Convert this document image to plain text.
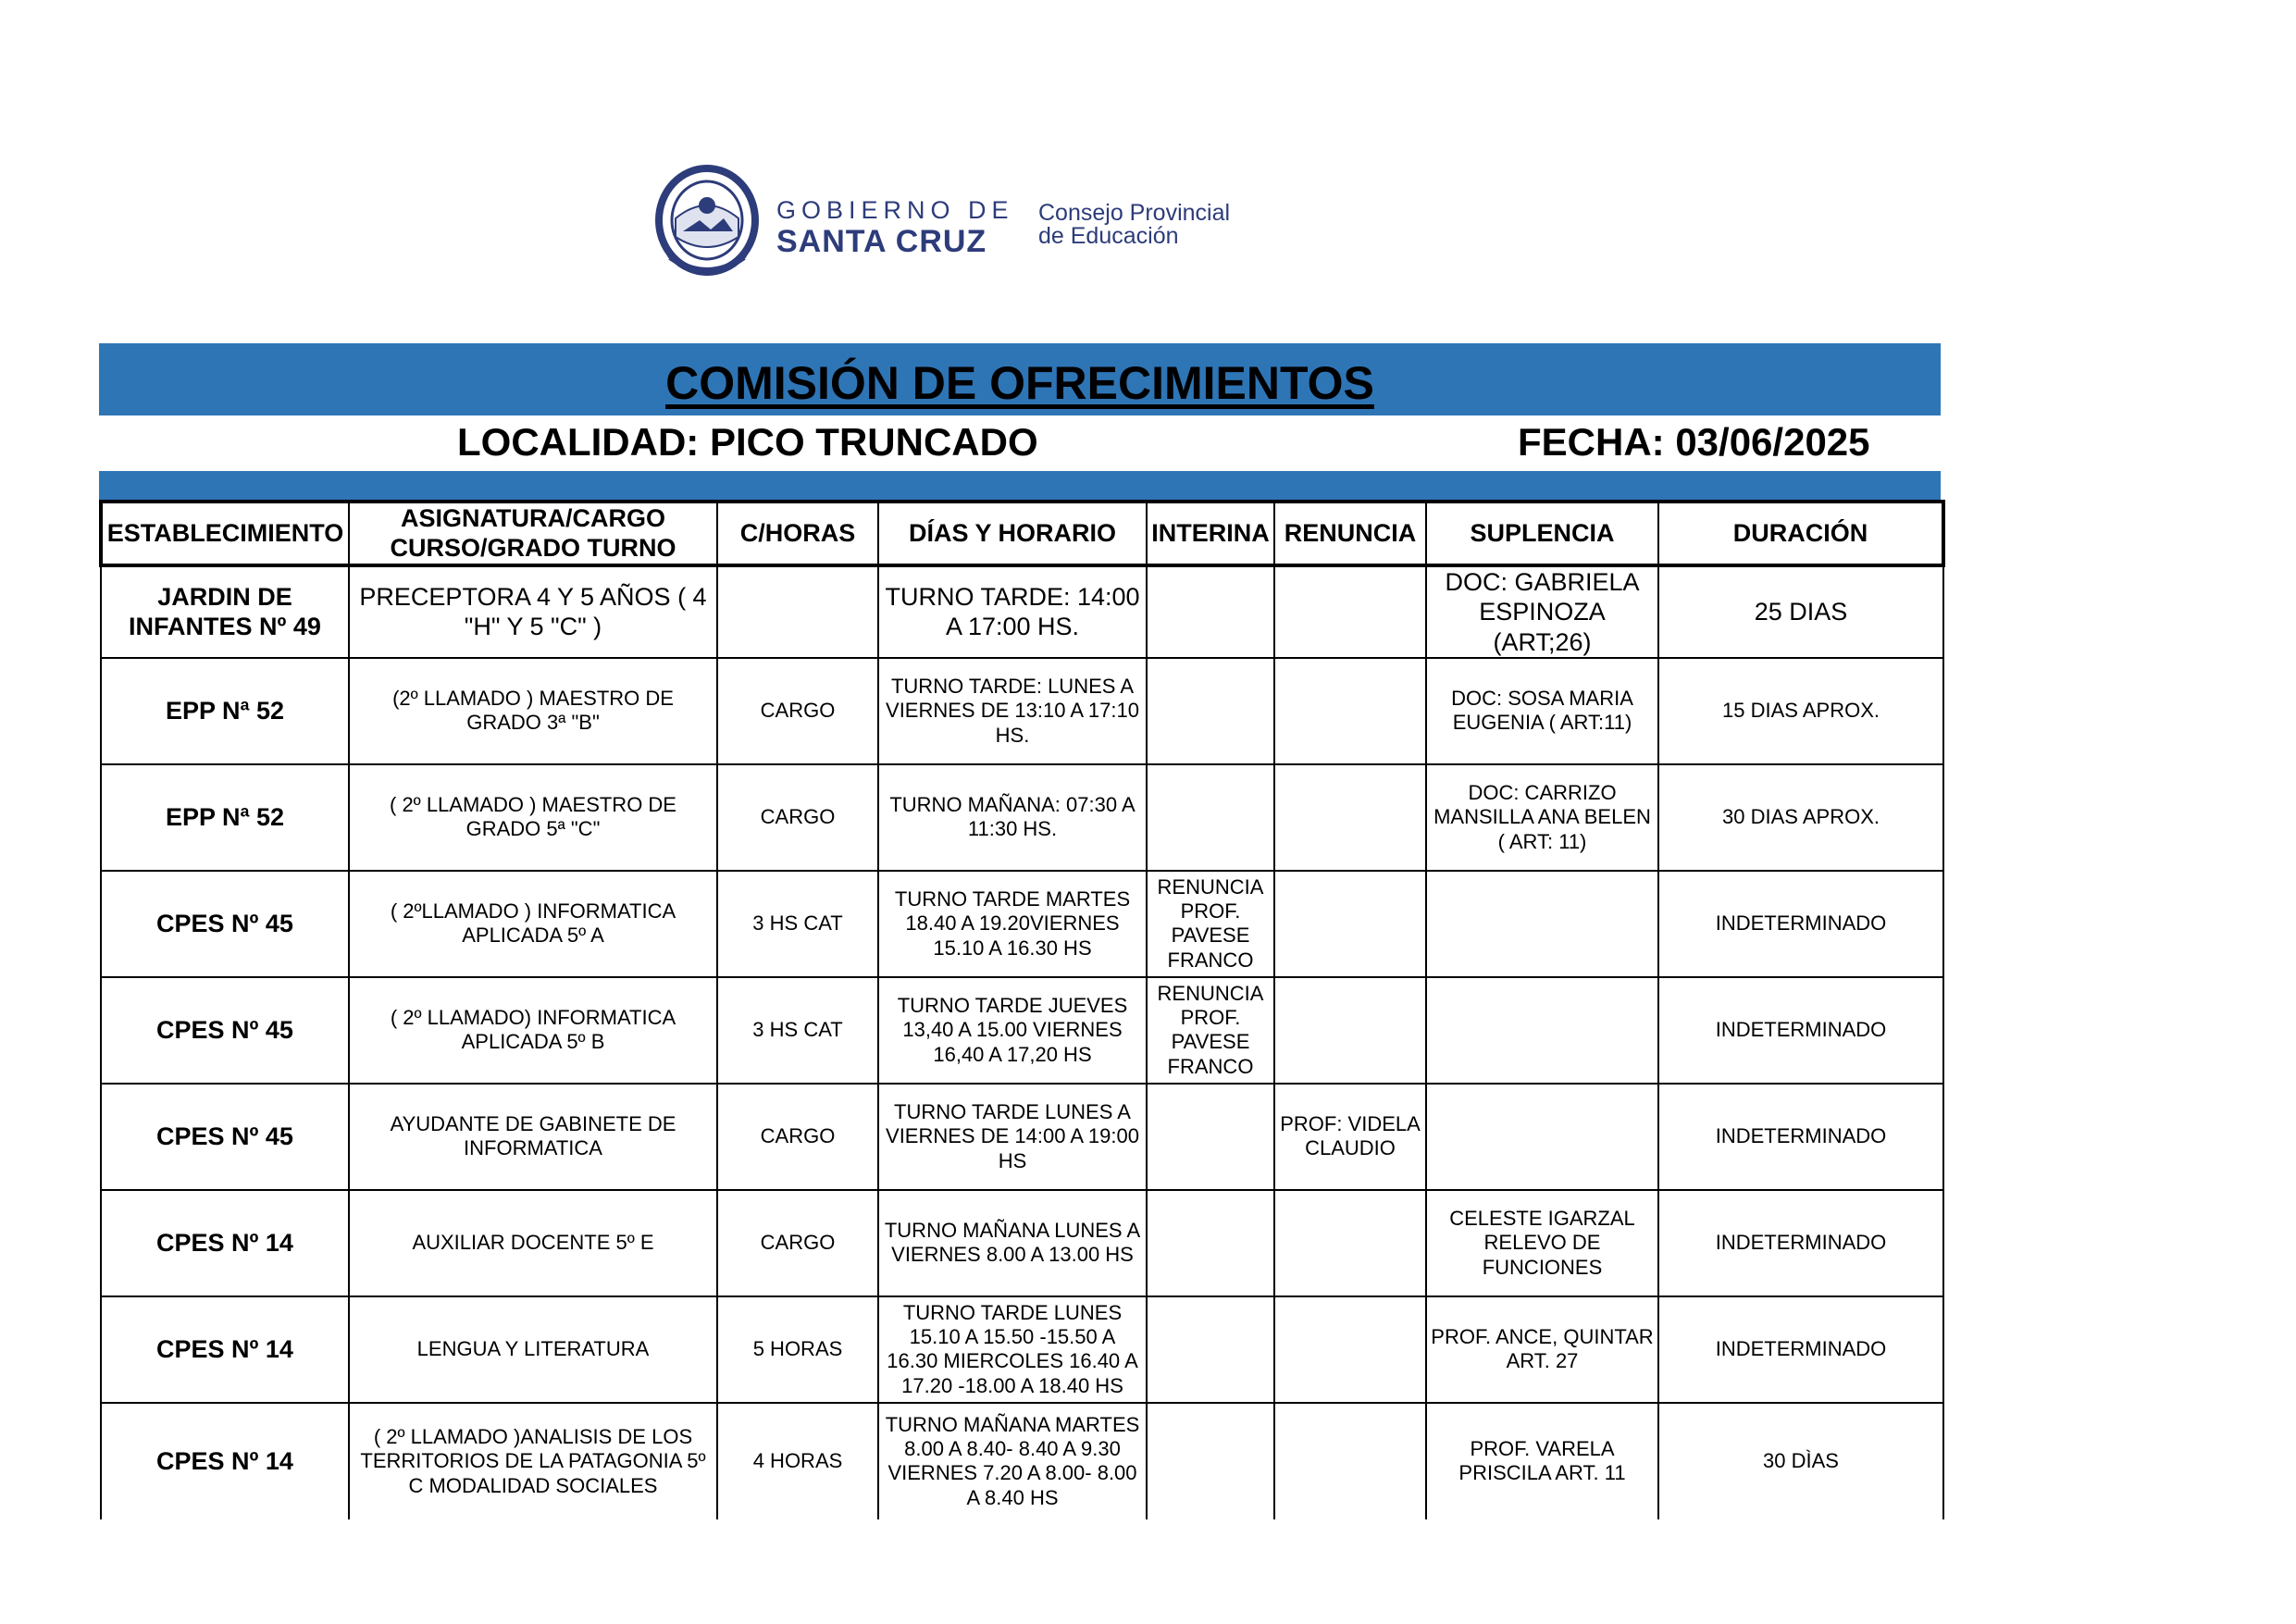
GOBIERNO DE
SANTA CRUZ
Consejo Provincial
de Educación
COMISIÓN DE OFRECIMIENTOS
LOCALIDAD: PICO TRUNCADO	FECHA: 03/06/2025
ESTABLECIMIENTO	ASIGNATURA/CARGO CURSO/GRADO TURNO	C/HORAS	DÍAS Y HORARIO	INTERINA	RENUNCIA	SUPLENCIA	DURACIÓN
JARDIN DE INFANTES Nº 49	PRECEPTORA 4 Y 5 AÑOS ( 4 "H" Y 5 "C" )		TURNO TARDE: 14:00 A 17:00 HS.			DOC: GABRIELA ESPINOZA (ART;26)	25 DIAS
EPP Nª 52	(2º LLAMADO ) MAESTRO DE GRADO 3ª "B"	CARGO	TURNO TARDE: LUNES A VIERNES DE 13:10 A 17:10 HS.			DOC: SOSA MARIA EUGENIA ( ART:11)	15 DIAS APROX.
EPP Nª 52	( 2º LLAMADO ) MAESTRO DE GRADO 5ª "C"	CARGO	TURNO MAÑANA: 07:30 A 11:30 HS.			DOC: CARRIZO MANSILLA ANA BELEN ( ART: 11)	30 DIAS APROX.
CPES Nº 45	( 2ºLLAMADO ) INFORMATICA APLICADA 5º A	3 HS CAT	TURNO TARDE MARTES 18.40 A 19.20VIERNES 15.10 A 16.30 HS	RENUNCIA PROF. PAVESE FRANCO			INDETERMINADO
CPES Nº 45	( 2º LLAMADO) INFORMATICA APLICADA 5º B	3 HS CAT	TURNO TARDE JUEVES 13,40 A 15.00 VIERNES 16,40 A 17,20 HS	RENUNCIA PROF. PAVESE FRANCO			INDETERMINADO
CPES Nº 45	AYUDANTE DE GABINETE DE INFORMATICA	CARGO	TURNO TARDE LUNES A VIERNES DE 14:00 A 19:00 HS		PROF: VIDELA CLAUDIO		INDETERMINADO
CPES Nº 14	AUXILIAR DOCENTE 5º E	CARGO	TURNO MAÑANA LUNES A VIERNES 8.00 A 13.00 HS			CELESTE IGARZAL RELEVO DE FUNCIONES	INDETERMINADO
CPES Nº 14	LENGUA Y LITERATURA	5 HORAS	TURNO TARDE LUNES 15.10 A 15.50 -15.50 A 16.30 MIERCOLES 16.40 A 17.20 -18.00 A 18.40 HS			PROF. ANCE, QUINTAR ART. 27	INDETERMINADO
CPES Nº 14	( 2º LLAMADO )ANALISIS DE LOS TERRITORIOS DE LA PATAGONIA 5º C MODALIDAD SOCIALES	4 HORAS	TURNO MAÑANA MARTES 8.00 A 8.40- 8.40 A 9.30 VIERNES 7.20 A 8.00- 8.00 A 8.40 HS			PROF. VARELA PRISCILA ART. 11	30 DÌAS
